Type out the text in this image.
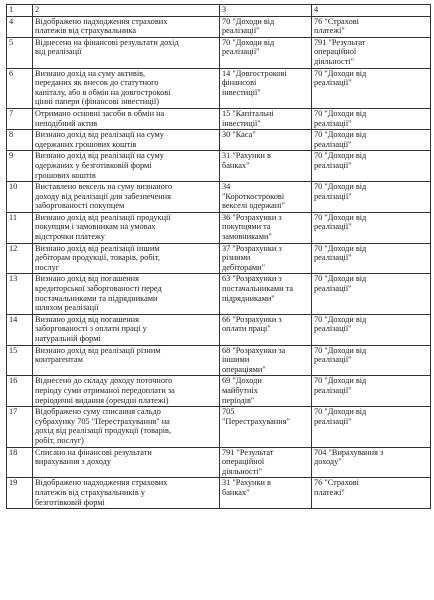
1	2	3	4

4	Відображено надходження страхових
платежів від страхувальника	70 "Доходи від
реалізації"	76 "Страхові
платежі"

5	Віднесено на фінансові результати дохід
від реалізації	70 "Доходи від
реалізації"	791 "Результат
операційної
діяльності"

6	Визнано дохід на суму активів,
переданих як внесок до статутного
капіталу, або в обмін на довгострокові
цінні папери (фінансові інвестиції)	14 "Довгострокові
фінансові
інвестиції"	70 "Доходи від
реалізації"

7	Отримано основні засоби в обмін на
неподібний актив	15 "Капітальні
інвестиції"	70 "Доходи від
реалізації"

8	Визнано дохід від реалізації на суму
одержаних грошових коштів	30 "Каса"	70 "Доходи від
реалізації"

9	Визнано дохід від реалізації на суму
одержаних у безготівковій формі
грошових коштів	31 "Рахунки в
банках"	70 "Доходи від
реалізації"

10	Виставлено вексель на суму визнаного
доходу від реалізації для забезпечення
заборгованості покупцем	34
"Короткострокові
векселі одержані"	70 "Доходи від
реалізації"

11	Визнано дохід від реалізації продукції
покупцям і замовникам на умовах
відстрочки платежу	36 "Розрахунки з
покупцями та
замовниками"	70 "Доходи від
реалізації"

12	Визнано дохід від реалізації іншим
дебіторам продукції, товарів, робіт,
послуг	37 "Розрахунки з
різними
дебіторами"	70 "Доходи від
реалізації"

13	Визнано дохід від погашення
кредиторської заборгованості перед
постачальниками та підрядниками
шляхом реалізації	63 "Розрахунки з
постачальниками та
підрядниками"	70 "Доходи від
реалізації"

14	Визнано дохід від погашення
заборгованості з оплати праці у
натуральній формі	66 "Розрахунки з
оплати праці"	70 "Доходи від
реалізації"

15	Визнано дохід від реалізації різним
контрагентам	68 "Розрахунки за
іншими
операціями"	70 "Доходи від
реалізації"

16	Віднесено до складу доходу поточного
періоду суми отриманої передоплати за
періодичні видання (орендні платежі)	69 "Доходи
майбутніх
періодів"	70 "Доходи від
реалізації"

17	Відображено суму списання сальдо
субрахунку 705 "Перестрахування" на
дохід від реалізації продукції (товарів,
робіт, послуг)	705
"Перестрахування"	70 "Доходи від
реалізації"

18	Списано на фінансові результати
вирахування з доходу	791 "Результат
операційної
діяльності"	704 "Вирахування з
доходу"

19	Відображено надходження страхових
платежів від страхувальників у
безготівковій формі	31 "Рахунки в
банках"	76 "Страхові
платежі"
